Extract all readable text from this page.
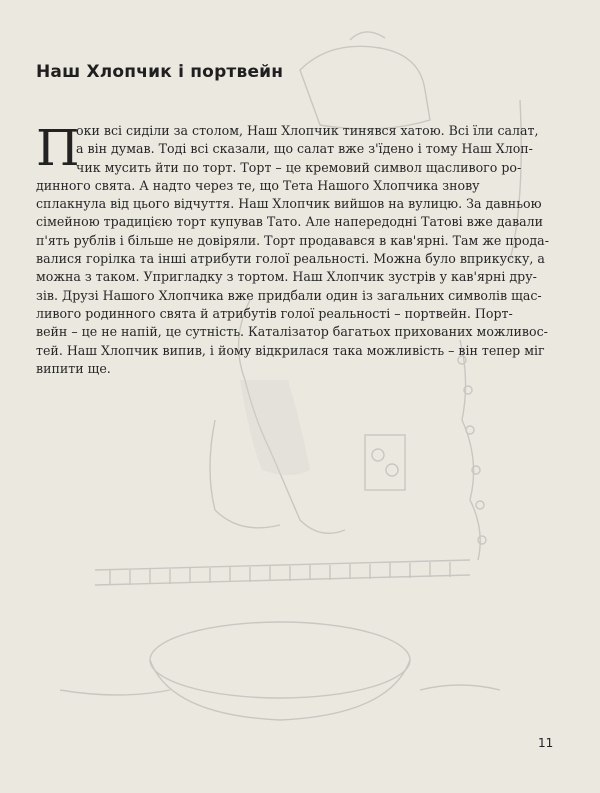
Наш Хлопчик і портвейн
П
оки всі сиділи за столом, Наш Хлопчик тинявся хатою. Всі їли салат,
а він думав. Тоді всі сказали, що салат вже з'їдено і тому Наш Хлоп-
чик мусить йти по торт. Торт – це кремовий символ щасливого ро-
динного свята. А надто через те, що Тета Нашого Хлопчика знову
сплакнула від цього відчуття. Наш Хлопчик вийшов на вулицю. За давньою
сімейною традицією торт купував Тато. Але напередодні Татові вже давали
п'ять рублів і більше не довіряли. Торт продавався в кав'ярні. Там же прода-
валися горілка та інші атрибути голої реальності. Можна було вприкуску, а
можна з таком. Упригладку з тортом. Наш Хлопчик зустрів у кав'ярні дру-
зів. Друзі Нашого Хлопчика вже придбали один із загальних символів щас-
ливого родинного свята й атрибутів голої реальності – портвейн. Порт-
вейн – це не напій, це сутність. Каталізатор багатьох прихованих можливос-
тей. Наш Хлопчик випив, і йому відкрилася така можливість – він тепер міг
випити ще.

11
